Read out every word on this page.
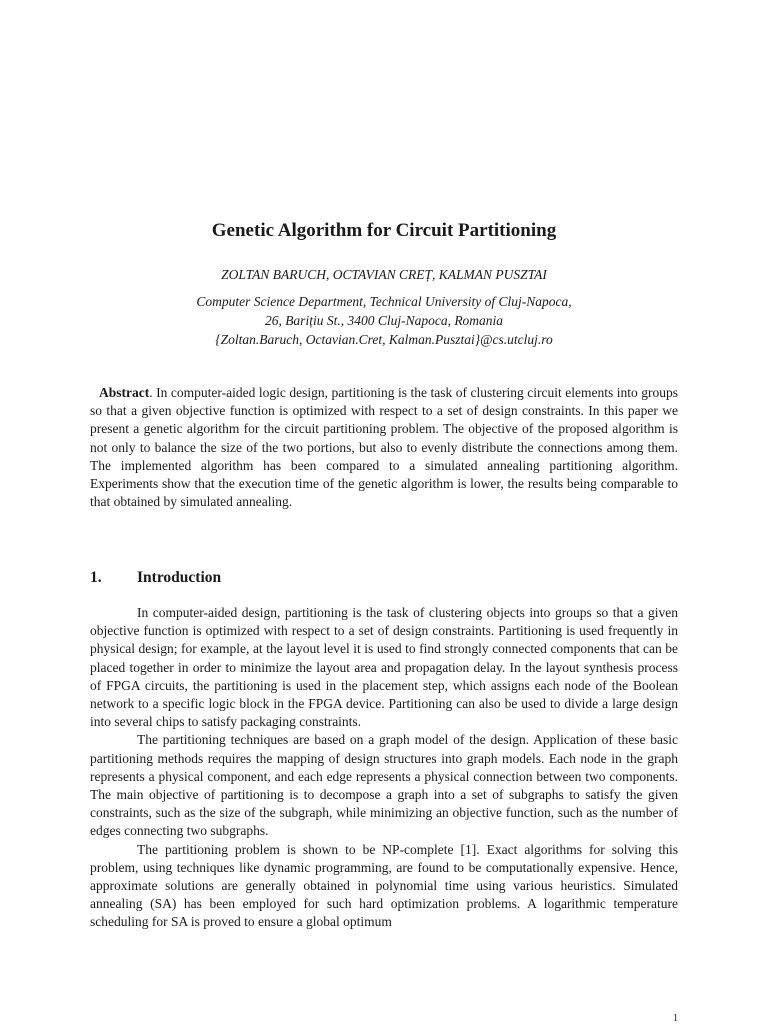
Genetic Algorithm for Circuit Partitioning
ZOLTAN BARUCH, OCTAVIAN CREȚ, KALMAN PUSZTAI
Computer Science Department, Technical University of Cluj-Napoca,
26, Barițiu St., 3400 Cluj-Napoca, Romania
{Zoltan.Baruch, Octavian.Cret, Kalman.Pusztai}@cs.utcluj.ro
Abstract. In computer-aided logic design, partitioning is the task of clustering circuit elements into groups so that a given objective function is optimized with respect to a set of design constraints. In this paper we present a genetic algorithm for the circuit partitioning problem. The objective of the proposed algorithm is not only to balance the size of the two portions, but also to evenly distribute the connections among them. The implemented algorithm has been compared to a simulated annealing partitioning algorithm. Experiments show that the execution time of the genetic algorithm is lower, the results being comparable to that obtained by simulated annealing.
1. Introduction

In computer-aided design, partitioning is the task of clustering objects into groups so that a given objective function is optimized with respect to a set of design constraints. Partitioning is used frequently in physical design; for example, at the layout level it is used to find strongly connected components that can be placed together in order to minimize the layout area and propagation delay. In the layout synthesis process of FPGA circuits, the partitioning is used in the placement step, which assigns each node of the Boolean network to a specific logic block in the FPGA device. Partitioning can also be used to divide a large design into several chips to satisfy packaging constraints.

The partitioning techniques are based on a graph model of the design. Application of these basic partitioning methods requires the mapping of design structures into graph models. Each node in the graph represents a physical component, and each edge represents a physical connection between two components. The main objective of partitioning is to decompose a graph into a set of subgraphs to satisfy the given constraints, such as the size of the subgraph, while minimizing an objective function, such as the number of edges connecting two subgraphs.

The partitioning problem is shown to be NP-complete [1]. Exact algorithms for solving this problem, using techniques like dynamic programming, are found to be computationally expensive. Hence, approximate solutions are generally obtained in polynomial time using various heuristics. Simulated annealing (SA) has been employed for such hard optimization problems. A logarithmic temperature scheduling for SA is proved to ensure a global optimum

1
